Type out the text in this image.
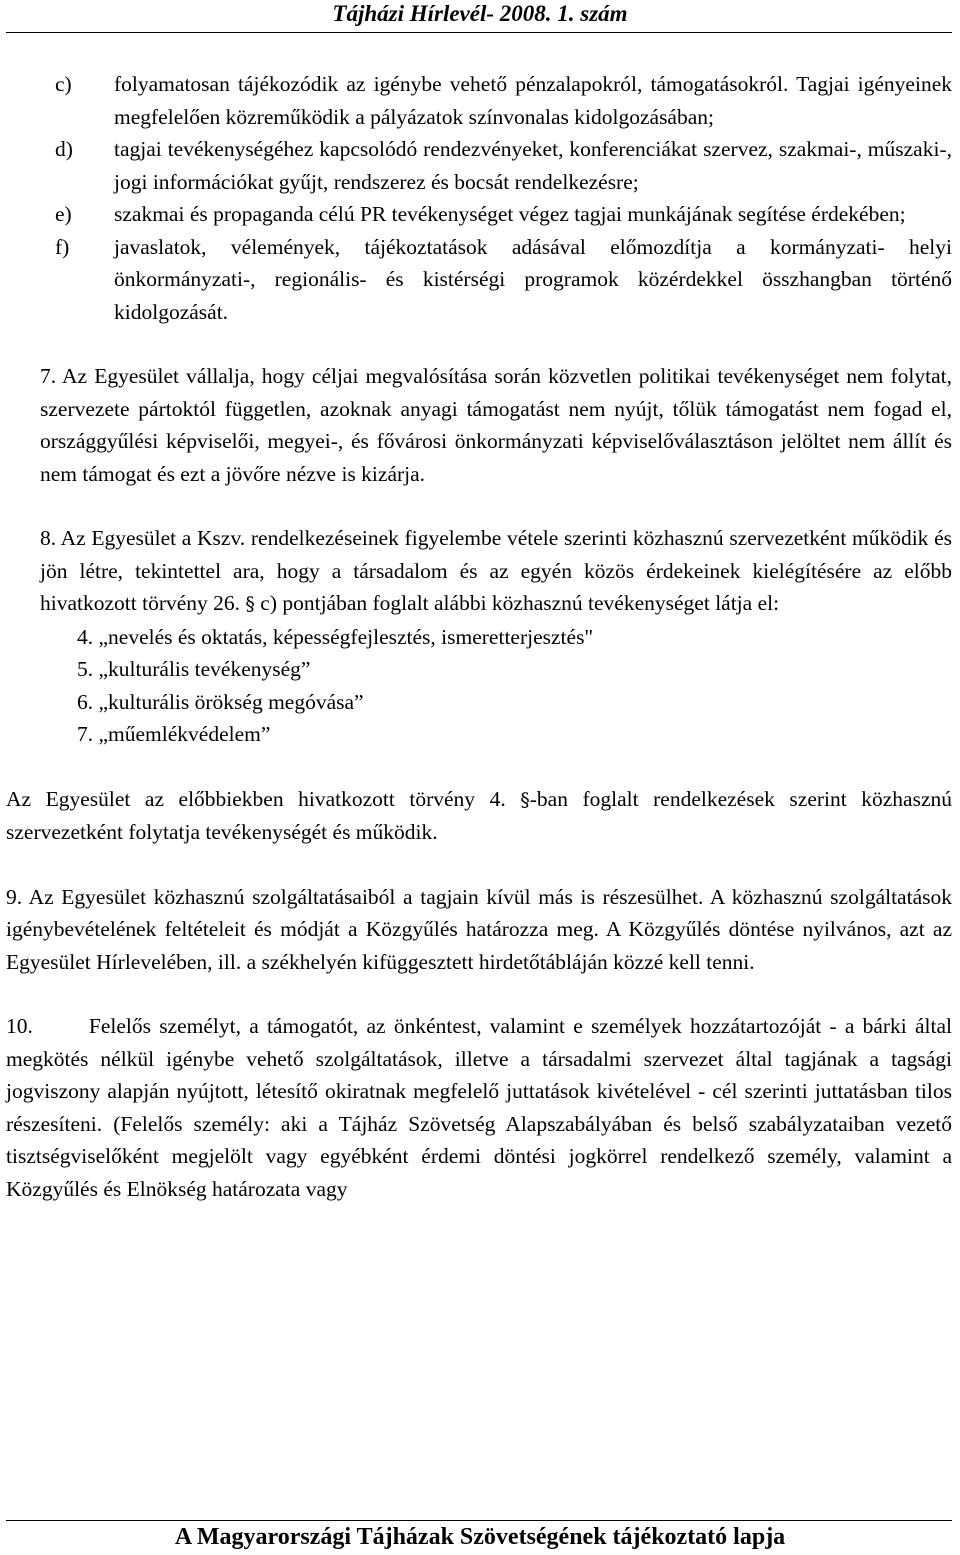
Tájházi Hírlevél- 2008. 1. szám
c)	folyamatosan tájékozódik az igénybe vehető pénzalapokról, támogatásokról. Tagjai igényeinek megfelelően közreműködik a pályázatok színvonalas kidolgozásában;
d)	tagjai tevékenységéhez kapcsolódó rendezvényeket, konferenciákat szervez, szakmai-, műszaki-, jogi információkat gyűjt, rendszerez és bocsát rendelkezésre;
e)	szakmai és propaganda célú PR tevékenységet végez tagjai munkájának segítése érdekében;
f)	javaslatok, vélemények, tájékoztatások adásával előmozdítja a kormányzati- helyi önkormányzati-, regionális- és kistérségi programok közérdekkel összhangban történő kidolgozását.
7. Az Egyesület vállalja, hogy céljai megvalósítása során közvetlen politikai tevékenységet nem folytat, szervezete pártoktól független, azoknak anyagi támogatást nem nyújt, tőlük támogatást nem fogad el, országgyűlési képviselői, megyei-, és fővárosi önkormányzati képviselőválasztáson jelöltet nem állít és nem támogat és ezt a jövőre nézve is kizárja.
8. Az Egyesület a Kszv. rendelkezéseinek figyelembe vétele szerinti közhasznú szervezetként működik és jön létre, tekintettel ara, hogy a társadalom és az egyén közös érdekeinek kielégítésére az előbb hivatkozott törvény 26. § c) pontjában foglalt alábbi közhasznú tevékenységet látja el:
4. „nevelés és oktatás, képességfejlesztés, ismeretterjesztés"
5. „kulturális tevékenység”
6. „kulturális örökség megóvása”
7. „műemlékvédelem”
Az Egyesület az előbbiekben hivatkozott törvény 4. §-ban foglalt rendelkezések szerint közhasznú szervezetként folytatja tevékenységét és működik.
9. Az Egyesület közhasznú szolgáltatásaiból a tagjain kívül más is részesülhet. A közhasznú szolgáltatások igénybevételének feltételeit és módját a Közgyűlés határozza meg. A Közgyűlés döntése nyilvános, azt az Egyesület Hírlevelében, ill. a székhelyén kifüggesztett hirdetőtábláján közzé kell tenni.
10.	Felelős személyt, a támogatót, az önkéntest, valamint e személyek hozzátartozóját - a bárki által megkötés nélkül igénybe vehető szolgáltatások, illetve a társadalmi szervezet által tagjának a tagsági jogviszony alapján nyújtott, létesítő okiratnak megfelelő juttatások kivételével - cél szerinti juttatásban tilos részesíteni. (Felelős személy: aki a Tájház Szövetség Alapszabályában és belső szabályzataiban vezető tisztségviselőként megjelölt vagy egyébként érdemi döntési jogkörrel rendelkező személy, valamint a Közgyűlés és Elnökség határozata vagy
A Magyarországi Tájházak Szövetségének tájékoztató lapja
